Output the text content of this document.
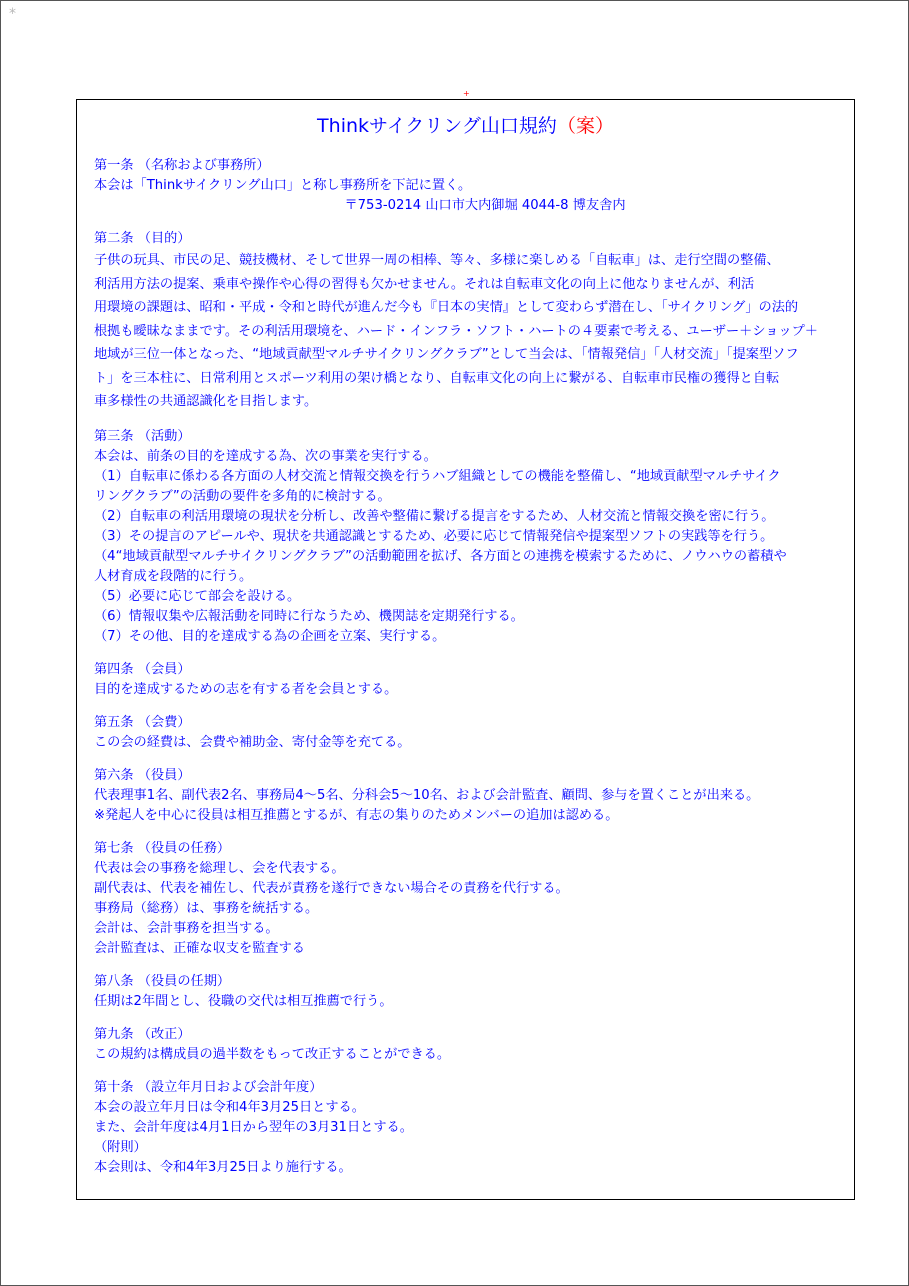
*
+
Thinkサイクリング山口規約（案）
第一条 （名称および事務所）
本会は「Thinkサイクリング山口」と称し事務所を下記に置く。
〒753-0214 山口市大内御堀 4044-8 博友舎内
第二条 （目的）
子供の玩具、市民の足、競技機材、そして世界一周の相棒、等々、多様に楽しめる「自転車」は、走行空間の整備、
利活用方法の提案、乗車や操作や心得の習得も欠かせません。それは自転車文化の向上に他なりませんが、利活
用環境の課題は、昭和・平成・令和と時代が進んだ今も『日本の実情』として変わらず潜在し、「サイクリング」の法的
根拠も曖昧なままです。その利活用環境を、ハード・インフラ・ソフト・ハートの４要素で考える、ユーザー＋ショップ＋
地域が三位一体となった、“地域貢献型マルチサイクリングクラブ”として当会は、「情報発信」「人材交流」「提案型ソフ
ト」を三本柱に、日常利用とスポーツ利用の架け橋となり、自転車文化の向上に繋がる、自転車市民権の獲得と自転
車多様性の共通認識化を目指します。
第三条 （活動）
本会は、前条の目的を達成する為、次の事業を実行する。
（1）自転車に係わる各方面の人材交流と情報交換を行うハブ組織としての機能を整備し、“地域貢献型マルチサイク
リングクラブ”の活動の要件を多角的に検討する。
（2）自転車の利活用環境の現状を分析し、改善や整備に繋げる提言をするため、人材交流と情報交換を密に行う。
（3）その提言のアピールや、現状を共通認識とするため、必要に応じて情報発信や提案型ソフトの実践等を行う。
（4“地域貢献型マルチサイクリングクラブ”の活動範囲を拡げ、各方面との連携を模索するために、ノウハウの蓄積や
人材育成を段階的に行う。
（5）必要に応じて部会を設ける。
（6）情報収集や広報活動を同時に行なうため、機関誌を定期発行する。
（7）その他、目的を達成する為の企画を立案、実行する。
第四条 （会員）
目的を達成するための志を有する者を会員とする。
第五条 （会費）
この会の経費は、会費や補助金、寄付金等を充てる。
第六条 （役員）
代表理事1名、副代表2名、事務局4～5名、分科会5～10名、および会計監査、顧問、参与を置くことが出来る。
※発起人を中心に役員は相互推薦とするが、有志の集りのためメンバーの追加は認める。
第七条 （役員の任務）
代表は会の事務を総理し、会を代表する。
副代表は、代表を補佐し、代表が責務を遂行できない場合その責務を代行する。
事務局（総務）は、事務を統括する。
会計は、会計事務を担当する。
会計監査は、正確な収支を監査する
第八条 （役員の任期）
任期は2年間とし、役職の交代は相互推薦で行う。
第九条 （改正）
この規約は構成員の過半数をもって改正することができる。
第十条 （設立年月日および会計年度）
本会の設立年月日は令和4年3月25日とする。
また、会計年度は4月1日から翌年の3月31日とする。
（附則）
本会則は、令和4年3月25日より施行する。
